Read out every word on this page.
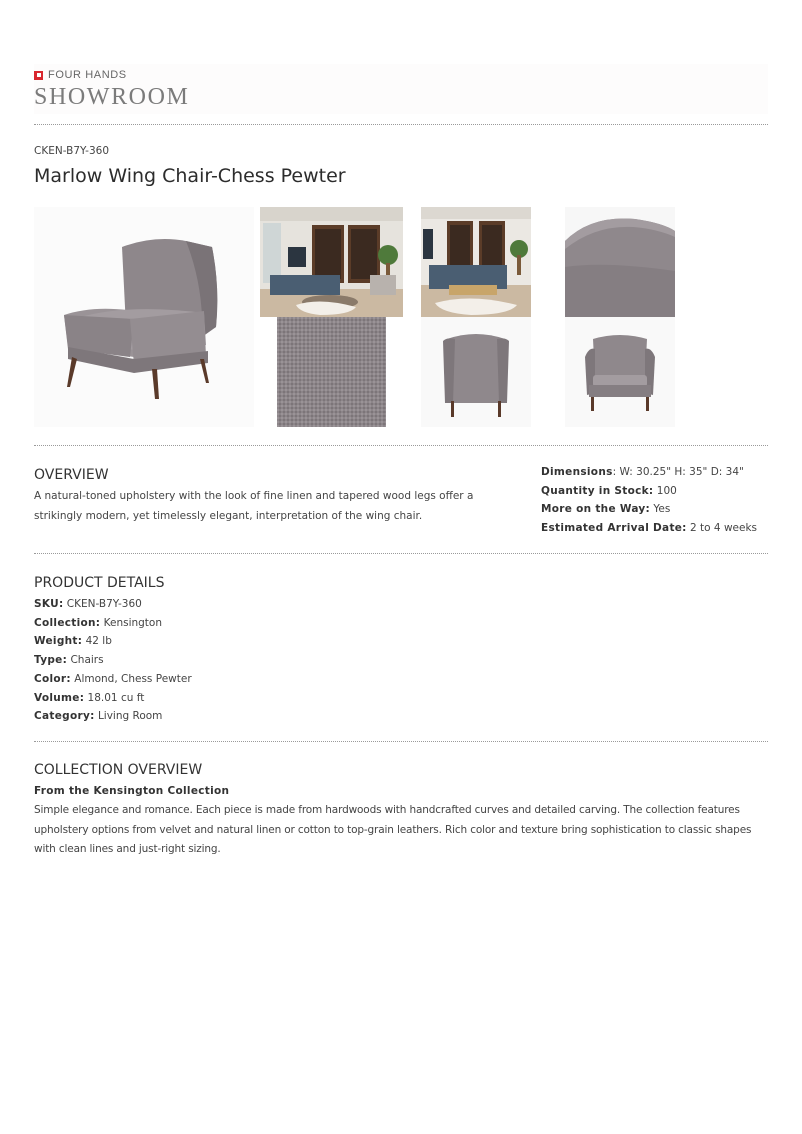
FOUR HANDS
SHOWROOM
CKEN-B7Y-360
Marlow Wing Chair-Chess Pewter
OVERVIEW

A natural-toned upholstery with the look of fine linen and tapered wood legs offer a strikingly modern, yet timelessly elegant, interpretation of the wing chair.

Dimensions: W: 30.25" H: 35" D: 34"
Quantity in Stock: 100
More on the Way: Yes
Estimated Arrival Date: 2 to 4 weeks
PRODUCT DETAILS
SKU: CKEN-B7Y-360
Collection: Kensington
Weight: 42 lb
Type: Chairs
Color: Almond, Chess Pewter
Volume: 18.01 cu ft
Category: Living Room
COLLECTION OVERVIEW
From the Kensington Collection

Simple elegance and romance. Each piece is made from hardwoods with handcrafted curves and detailed carving. The collection features upholstery options from velvet and natural linen or cotton to top-grain leathers. Rich color and texture bring sophistication to classic shapes with clean lines and just-right sizing.
